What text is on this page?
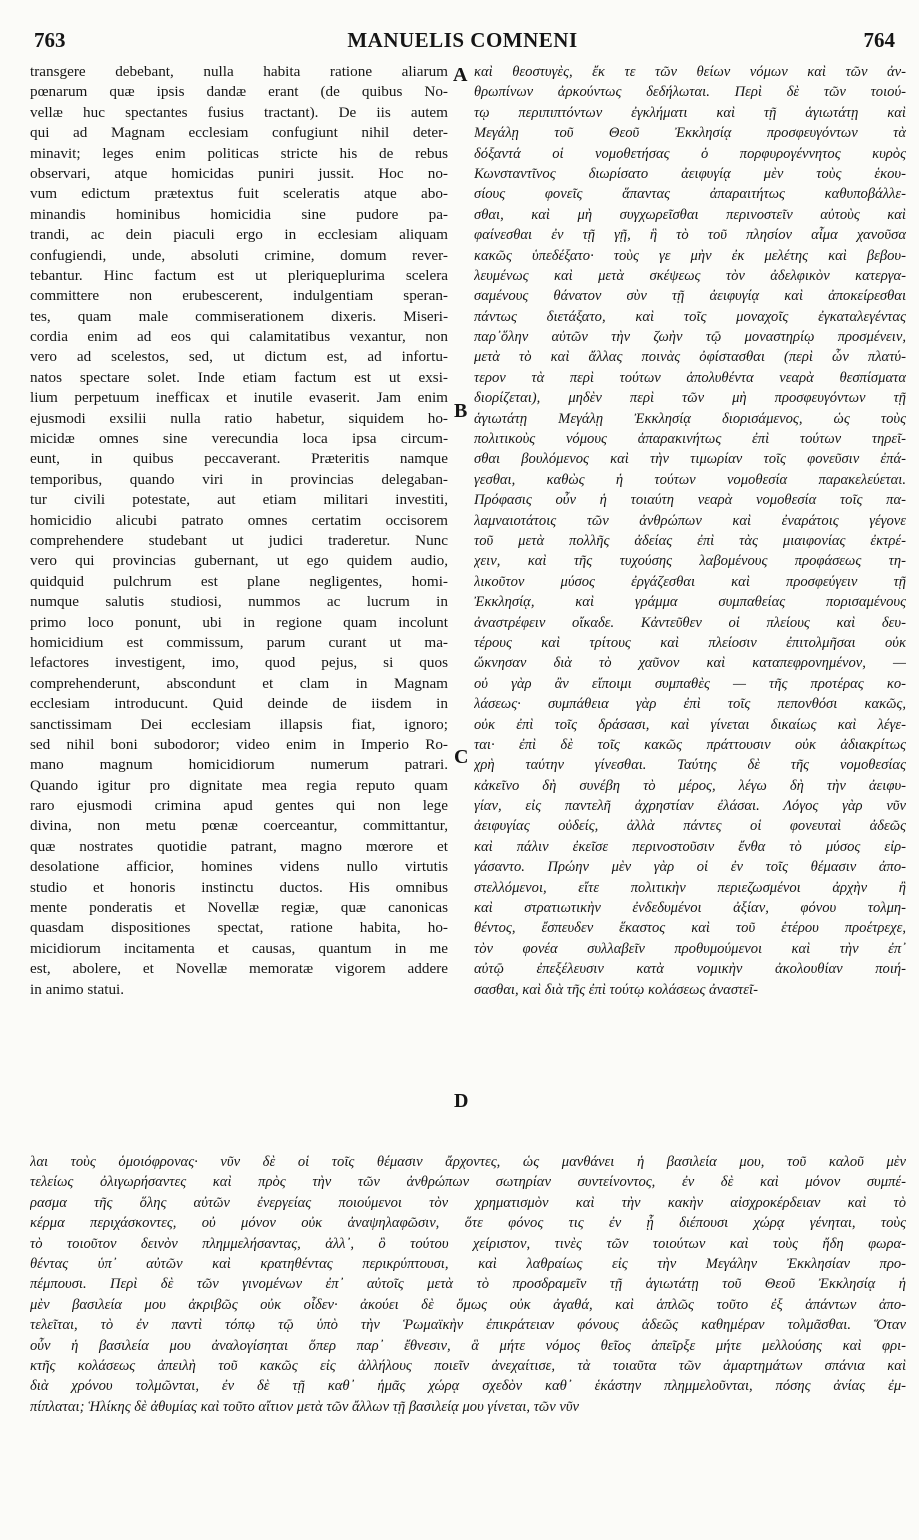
763	MANUELIS COMNENI	764
transgere debebant, nulla habita ratione aliarum
pœnarum quæ ipsis dandæ erant (de quibus No-
vellæ huc spectantes fusius tractant). De iis autem
qui ad Magnam ecclesiam confugiunt nihil deter-
minavit; leges enim politicas stricte his de rebus
observari, atque homicidas puniri jussit. Hoc no-
vum edictum prætextus fuit sceleratis atque abo-
minandis hominibus homicidia sine pudore pa-
trandi, ac dein piaculi ergo in ecclesiam aliquam
confugiendi, unde, absoluti crimine, domum rever-
tebantur. Hinc factum est ut pleriqueplurima scelera
committere non erubescerent, indulgentiam speran-
tes, quam male commiserationem dixeris. Miseri-
cordia enim ad eos qui calamitatibus vexantur, non
vero ad scelestos, sed, ut dictum est, ad infortu-
natos spectare solet. Inde etiam factum est ut exsi-
lium perpetuum inefficax et inutile evaserit. Jam enim
ejusmodi exsilii nulla ratio habetur, siquidem ho-
micidæ omnes sine verecundia loca ipsa circum-
eunt, in quibus peccaverant. Præteritis namque
temporibus, quando viri in provincias delegaban-
tur civili potestate, aut etiam militari investiti,
homicidio alicubi patrato omnes certatim occisorem
comprehendere studebant ut judici traderetur. Nunc
vero qui provincias gubernant, ut ego quidem audio,
quidquid pulchrum est plane negligentes, homi-
numque salutis studiosi, nummos ac lucrum in
primo loco ponunt, ubi in regione quam incolunt
homicidium est commissum, parum curant ut ma-
lefactores investigent, imo, quod pejus, si quos
comprehenderunt, abscondunt et clam in Magnam
ecclesiam introducunt. Quid deinde de iisdem in
sanctissimam Dei ecclesiam illapsis fiat, ignoro;
sed nihil boni subodoror; video enim in Imperio Ro-
mano magnum homicidiorum numerum patrari.
Quando igitur pro dignitate mea regia reputo quam
raro ejusmodi crimina apud gentes qui non lege
divina, non metu pœnæ coerceantur, committantur,
quæ nostrates quotidie patrant, magno mœrore et
desolatione afficior, homines videns nullo virtutis
studio et honoris instinctu ductos. His omnibus
mente ponderatis et Novellæ regiæ, quæ canonicas
quasdam dispositiones spectat, ratione habita, ho-
micidiorum incitamenta et causas, quantum in me
est, abolere, et Novellæ memoratæ vigorem addere
in animo statui.
καὶ θεοστυγὲς, ἔκ τε τῶν θείων νόμων καὶ τῶν ἀν-
θρωπίνων ἀρκούντως δεδήλωται. Περὶ δὲ τῶν τοιού-
τῳ περιπιπτόντων ἐγκλήματι καὶ τῇ ἁγιωτάτῃ καὶ
Μεγάλῃ τοῦ Θεοῦ Ἐκκλησίᾳ προσφευγόντων τὰ
δόξαντά οἱ νομοθετήσας ὁ πορφυρογέννητος κυρὸς
Κωνσταντῖνος διωρίσατο ἀειφυγίᾳ μὲν τοὺς ἑκου-
σίους φονεῖς ἅπαντας ἀπαραιτήτως καθυποβάλλε-
σθαι, καὶ μὴ συγχωρεῖσθαι περινοστεῖν αὐτοὺς καὶ
φαίνεσθαι ἐν τῇ γῇ, ἣ τὸ τοῦ πλησίον αἷμα χανοῦσα
κακῶς ὑπεδέξατο· τοὺς γε μὴν ἐκ μελέτης καὶ βεβου-
λευμένως καὶ μετὰ σκέψεως τὸν ἀδελφικὸν κατεργα-
σαμένους θάνατον σὺν τῇ ἀειφυγίᾳ καὶ ἀποκείρεσθαι
πάντως διετάξατο, καὶ τοῖς μοναχοῖς ἐγκαταλεγέντας
παρ᾽ὅλην αὐτῶν τὴν ζωὴν τῷ μοναστηρίῳ προσμένειν,
μετὰ τὸ καὶ ἄλλας ποινὰς ὀφίστασθαι (περὶ ὧν πλατύ-
τερον τὰ περὶ τούτων ἀπολυθέντα νεαρὰ θεσπίσματα
διορίζεται), μηδὲν περὶ τῶν μὴ προσφευγόντων τῇ
ἁγιωτάτῃ Μεγάλῃ Ἐκκλησίᾳ διορισάμενος, ὡς τοὺς
πολιτικοὺς νόμους ἀπαρακινήτως ἐπὶ τούτων τηρεῖ-
σθαι βουλόμενος καὶ τὴν τιμωρίαν τοῖς φονεῦσιν ἐπά-
γεσθαι, καθὼς ἡ τούτων νομοθεσία παρακελεύεται.
Πρόφασις οὖν ἡ τοιαύτη νεαρὰ νομοθεσία τοῖς πα-
λαμναιοτάτοις τῶν ἀνθρώπων καὶ ἐναράτοις γέγονε
τοῦ μετὰ πολλῆς ἀδείας ἐπὶ τὰς μιαιφονίας ἐκτρέ-
χειν, καὶ τῆς τυχούσης λαβομένους προφάσεως τη-
λικοῦτον μύσος ἐργάζεσθαι καὶ προσφεύγειν τῇ
Ἐκκλησίᾳ, καὶ γράμμα συμπαθείας πορισαμένους
ἀναστρέφειν οἴκαδε. Κἀντεῦθεν οἱ πλείους καὶ δευ-
τέρους καὶ τρίτους καὶ πλείοσιν ἐπιτολμῆσαι οὐκ
ὤκνησαν διὰ τὸ χαῦνον καὶ καταπεφρονημένον, —
οὐ γὰρ ἂν εἴποιμι συμπαθὲς — τῆς προτέρας κο-
λάσεως· συμπάθεια γὰρ ἐπὶ τοῖς πεπονθόσι κακῶς,
οὐκ ἐπὶ τοῖς δράσασι, καὶ γίνεται δικαίως καὶ λέγε-
ται· ἐπὶ δὲ τοῖς κακῶς πράττουσιν οὐκ ἀδιακρίτως
χρὴ ταύτην γίνεσθαι. Ταύτης δὲ τῆς νομοθεσίας
κἀκεῖνο δὴ συνέβη τὸ μέρος, λέγω δὴ τὴν ἀειφυ-
γίαν, εἰς παντελῆ ἀχρηστίαν ἐλάσαι. Λόγος γὰρ νῦν
ἀειφυγίας οὐδείς, ἀλλὰ πάντες οἱ φονευταὶ ἀδεῶς
καὶ πάλιν ἐκεῖσε περινοστοῦσιν ἔνθα τὸ μύσος εἰρ-
γάσαντο. Πρώην μὲν γὰρ οἱ ἐν τοῖς θέμασιν ἀπο-
στελλόμενοι, εἴτε πολιτικὴν περιεζωσμένοι ἀρχὴν ἢ
καὶ στρατιωτικὴν ἐνδεδυμένοι ἀξίαν, φόνου τολμη-
θέντος, ἔσπευδεν ἕκαστος καὶ τοῦ ἑτέρου προέτρεχε,
τὸν φονέα συλλαβεῖν προθυμούμενοι καὶ τὴν ἐπ᾽
αὐτῷ ἐπεξέλευσιν κατὰ νομικὴν ἀκολουθίαν ποιή-
σασθαι, καὶ διὰ τῆς ἐπὶ τούτῳ κολάσεως ἀναστεῖ-
λαι τοὺς ὁμοιόφρονας· νῦν δὲ οἱ τοῖς θέμασιν ἄρχοντες, ὡς μανθάνει ἡ βασιλεία μου, τοῦ καλοῦ μὲν
τελείως ὀλιγωρήσαντες καὶ πρὸς τὴν τῶν ἀνθρώπων σωτηρίαν συντείνοντος, ἐν δὲ καὶ μόνον συμπέ-
ρασμα τῆς ὅλης αὐτῶν ἐνεργείας ποιούμενοι τὸν χρηματισμὸν καὶ τὴν κακὴν αἰσχροκέρδειαν καὶ τὸ
κέρμα περιχάσκοντες, οὐ μόνον οὐκ ἀναψηλαφῶσιν, ὅτε φόνος τις ἐν ᾗ διέπουσι χώρᾳ γένηται, τοὺς
τὸ τοιοῦτον δεινὸν πλημμελήσαντας, ἀλλ᾽, ὃ τούτου χείριστον, τινὲς τῶν τοιούτων καὶ τοὺς ἤδη φωρα-
θέντας ὑπ᾽ αὐτῶν καὶ κρατηθέντας περικρύπτουσι, καὶ λαθραίως εἰς τὴν Μεγάλην Ἐκκλησίαν προ-
πέμπουσι. Περὶ δὲ τῶν γινομένων ἐπ᾽ αὐτοῖς μετὰ τὸ προσδραμεῖν τῇ ἁγιωτάτῃ τοῦ Θεοῦ Ἐκκλησίᾳ ἡ
μὲν βασιλεία μου ἀκριβῶς οὐκ οἶδεν· ἀκούει δὲ ὅμως οὐκ ἀγαθά, καὶ ἁπλῶς τοῦτο ἐξ ἁπάντων ἀπο-
τελεῖται, τὸ ἐν παντὶ τόπῳ τῷ ὑπὸ τὴν Ῥωμαϊκὴν ἐπικράτειαν φόνους ἀδεῶς καθημέραν τολμᾶσθαι. Ὅταν
οὖν ἡ βασιλεία μου ἀναλογίσηται ὅπερ παρ᾽ ἔθνεσιν, ἃ μήτε νόμος θεῖος ἀπεῖρξε μήτε μελλούσης καὶ φρι-
κτῆς κολάσεως ἀπειλὴ τοῦ κακῶς εἰς ἀλλήλους ποιεῖν ἀνεχαίτισε, τὰ τοιαῦτα τῶν ἁμαρτημάτων σπάνια καὶ
διὰ χρόνου τολμῶνται, ἐν δὲ τῇ καθ᾽ ἡμᾶς χώρᾳ σχεδὸν καθ᾽ ἑκάστην πλημμελοῦνται, πόσης ἀνίας ἐμ-
πίπλαται; Ἡλίκης δὲ ἀθυμίας καὶ τοῦτο αἴτιον μετὰ τῶν ἄλλων τῇ βασιλείᾳ μου γίνεται, τῶν νῦν
A
B
C
D
